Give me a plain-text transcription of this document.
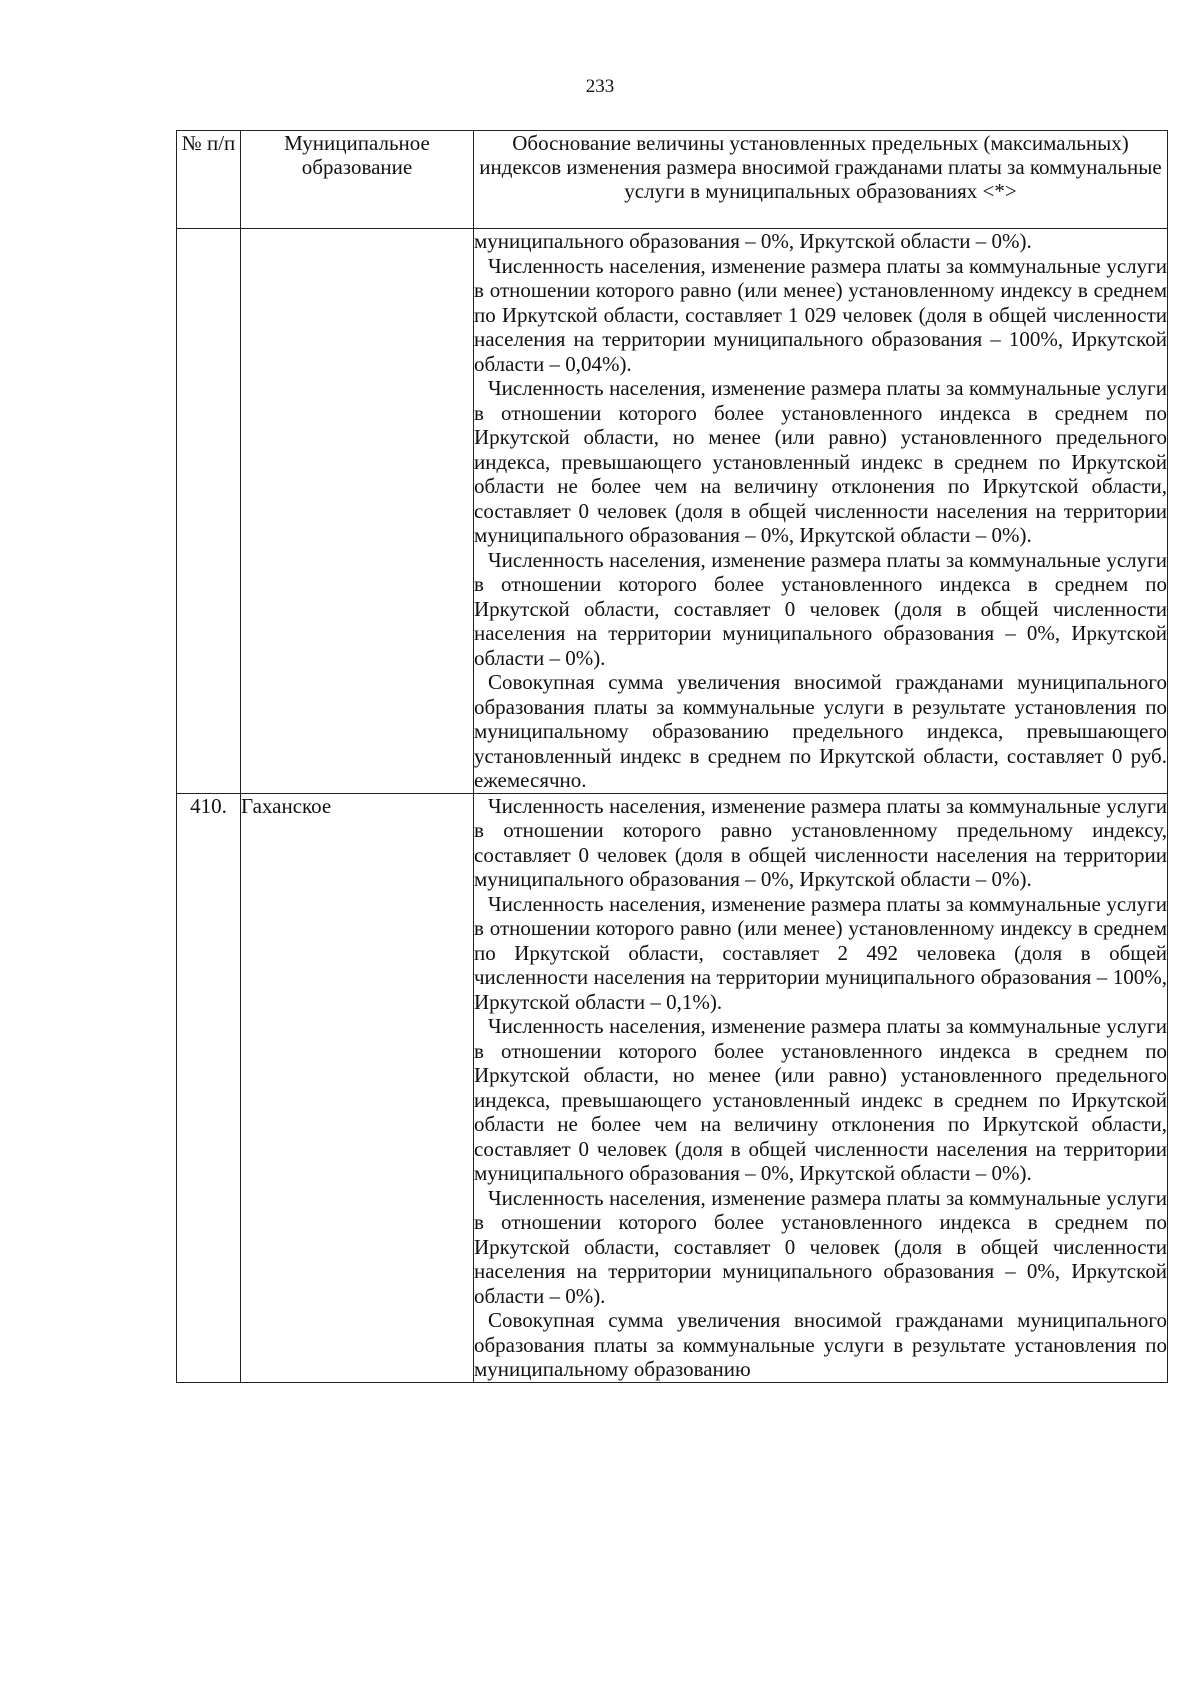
233
№ п/п	Муниципальное образование	Обоснование величины установленных предельных (максимальных) индексов изменения размера вносимой гражданами платы за коммунальные услуги в муниципальных образованиях <*>

		муниципального образования – 0%, Иркутской области – 0%).

Численность населения, изменение размера платы за коммунальные услуги в отношении которого равно (или менее) установленному индексу в среднем по Иркутской области, составляет 1 029 человек (доля в общей численности населения на территории муниципального образования – 100%, Иркутской области – 0,04%).

Численность населения, изменение размера платы за коммунальные услуги в отношении которого более установленного индекса в среднем по Иркутской области, но менее (или равно) установленного предельного индекса, превышающего установленный индекс в среднем по Иркутской области не более чем на величину отклонения по Иркутской области, составляет 0 человек (доля в общей численности населения на территории муниципального образования – 0%, Иркутской области – 0%).

Численность населения, изменение размера платы за коммунальные услуги в отношении которого более установленного индекса в среднем по Иркутской области, составляет 0 человек (доля в общей численности населения на территории муниципального образования – 0%, Иркутской области – 0%).

Совокупная сумма увеличения вносимой гражданами муниципального образования платы за коммунальные услуги в результате установления по муниципальному образованию предельного индекса, превышающего установленный индекс в среднем по Иркутской области, составляет 0 руб. ежемесячно.

410.	Гаханское	Численность населения, изменение размера платы за коммунальные услуги в отношении которого равно установленному предельному индексу, составляет 0 человек (доля в общей численности населения на территории муниципального образования – 0%, Иркутской области – 0%).

Численность населения, изменение размера платы за коммунальные услуги в отношении которого равно (или менее) установленному индексу в среднем по Иркутской области, составляет 2 492 человека (доля в общей численности населения на территории муниципального образования – 100%, Иркутской области – 0,1%).

Численность населения, изменение размера платы за коммунальные услуги в отношении которого более установленного индекса в среднем по Иркутской области, но менее (или равно) установленного предельного индекса, превышающего установленный индекс в среднем по Иркутской области не более чем на величину отклонения по Иркутской области, составляет 0 человек (доля в общей численности населения на территории муниципального образования – 0%, Иркутской области – 0%).

Численность населения, изменение размера платы за коммунальные услуги в отношении которого более установленного индекса в среднем по Иркутской области, составляет 0 человек (доля в общей численности населения на территории муниципального образования – 0%, Иркутской области – 0%).

Совокупная сумма увеличения вносимой гражданами муниципального образования платы за коммунальные услуги в результате установления по муниципальному образованию
